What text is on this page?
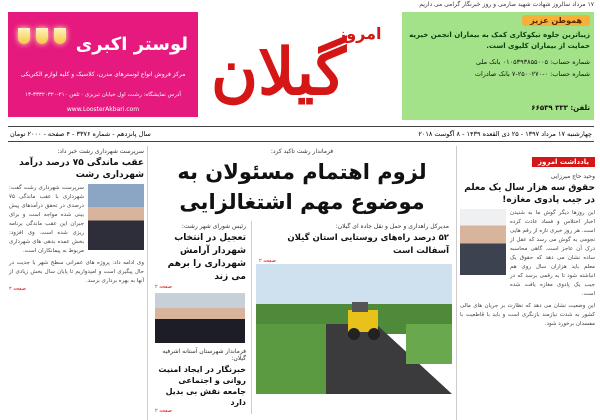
۱۷ مرداد سالروز شهادت شهید صارمی و روز خبرنگار گرامی می داریم
لوستر اکبری
مرکز فروش انواع لوسترهای مدرن، کلاسیک و کلیه لوازم الکتریکی
آدرس نمایشگاه: رشت، اول خیابان تبریزی · تلفن ۲۱۰-۳۳۳۲۰۳۲۰-۱۳
www.LoosterAkbari.com	گیلان
امروز
هموطن عزیز
زیباترین جلوه نیکوکاری کمک به بیماران انجمن خیریه حمایت از بیماران کلیوی است.
شماره حساب: ۰۱۰۵۳۹۳۸۵۵۰۰۵ بانک ملی
شماره حساب: ۰-۲۵۰۰۲۷۰-۷ بانک صادرات
تلفن: ۳۳۳ ۶۶۵۳۹
چهارشنبه ۱۷ مرداد ۱۳۹۷ - ۲۵ ذی القعده ۱۴۳۹ - ۸ آگوست ۲۰۱۸
سال پانزدهم - شماره ۳۳۷۶ - ۴ صفحه - ۲۰۰۰ تومان
سرپرست شهرداری رشت خبر داد:
عقب ماندگی ۷۵ درصد درآمد شهرداری رشت
سرپرست شهرداری رشت گفت: شهرداری با عقب ماندگی ۷۵ درصدی در تحقق درآمدهای پیش بینی شده مواجه است و برای جبران این عقب ماندگی برنامه ریزی شده است. وی افزود: بخش عمده بدهی های شهرداری مربوط به پیمانکاران است.
وی ادامه داد: پروژه های عمرانی سطح شهر با جدیت در حال پیگیری است و امیدواریم تا پایان سال بخش زیادی از آنها به بهره برداری برسد.
صفحه ۲
فرماندار رشت تاکید کرد:
لزوم اهتمام مسئولان به موضوع مهم اشتغالزایی
مدیرکل راهداری و حمل و نقل جاده ای گیلان:
۵۲ درصد راه‌های روستایی استان گیلان آسفالت است
صفحه ۲
رئیس شورای شهر رشت:
تعجیل در انتخاب شهردار آرامش شهرداری را برهم می زند
صفحه ۲
فرماندار شهرستان آستانه اشرفیه گیلان:
خبرنگار در ایجاد امنیت روانی و اجتماعی جامعه نقش بی بدیل دارد
صفحه ۲
یادداشت امروز
وحید حاج میرزایی
حقوق سه هزار سال یک معلم در جیب پادوی مغازه!
این روزها دیگر گوش ما به شنیدن اخبار اختلاس و فساد عادت کرده است. هر روز خبری تازه از رقم هایی نجومی به گوش می رسد که عقل از درک آن عاجز است. گاهی محاسبه ساده نشان می دهد که حقوق یک معلم باید هزاران سال روی هم انباشته شود تا به رقمی برسد که در جیب یک پادوی مغازه یافت شده است.
این وضعیت نشان می دهد که نظارت بر جریان های مالی کشور به شدت نیازمند بازنگری است و باید با قاطعیت با مفسدان برخورد شود.
